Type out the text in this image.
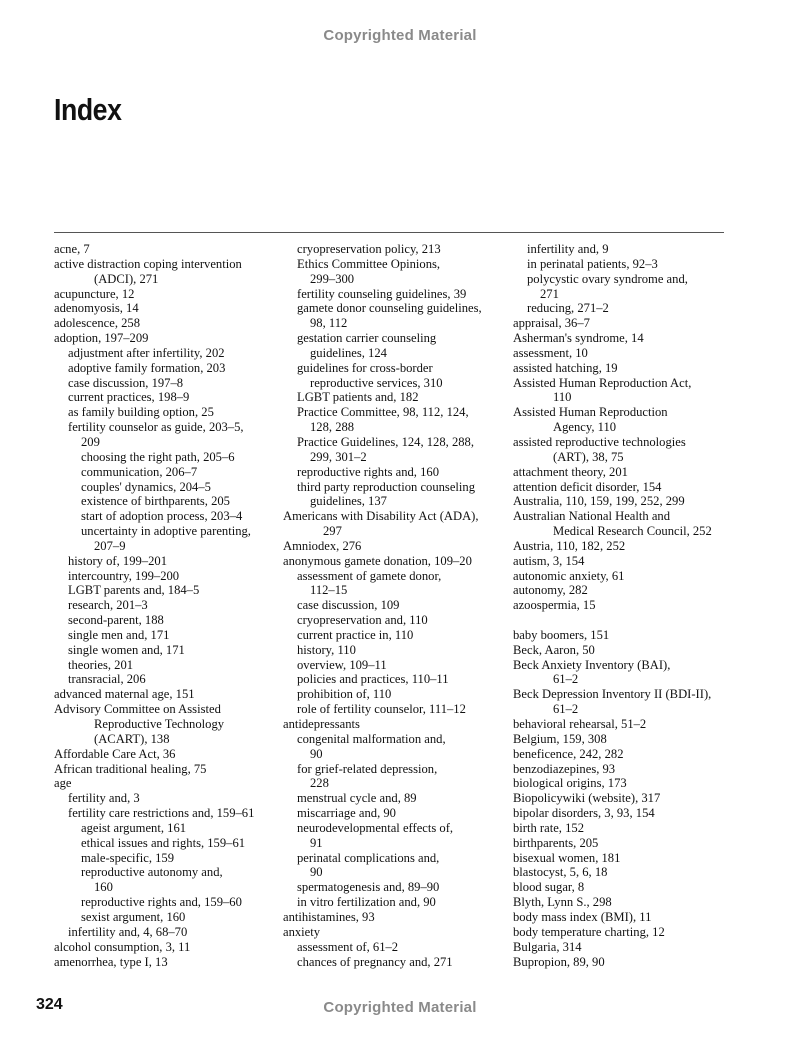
Copyrighted Material
Index
acne, 7
active distraction coping intervention
(ADCI), 271
acupuncture, 12
adenomyosis, 14
adolescence, 258
adoption, 197–209
adjustment after infertility, 202
adoptive family formation, 203
case discussion, 197–8
current practices, 198–9
as family building option, 25
fertility counselor as guide, 203–5,
209
choosing the right path, 205–6
communication, 206–7
couples' dynamics, 204–5
existence of birthparents, 205
start of adoption process, 203–4
uncertainty in adoptive parenting,
207–9
history of, 199–201
intercountry, 199–200
LGBT parents and, 184–5
research, 201–3
second-parent, 188
single men and, 171
single women and, 171
theories, 201
transracial, 206
advanced maternal age, 151
Advisory Committee on Assisted
Reproductive Technology
(ACART), 138
Affordable Care Act, 36
African traditional healing, 75
age
fertility and, 3
fertility care restrictions and, 159–61
ageist argument, 161
ethical issues and rights, 159–61
male-specific, 159
reproductive autonomy and,
160
reproductive rights and, 159–60
sexist argument, 160
infertility and, 4, 68–70
alcohol consumption, 3, 11
amenorrhea, type I, 13
cryopreservation policy, 213
Ethics Committee Opinions,
299–300
fertility counseling guidelines, 39
gamete donor counseling guidelines,
98, 112
gestation carrier counseling
guidelines, 124
guidelines for cross-border
reproductive services, 310
LGBT patients and, 182
Practice Committee, 98, 112, 124,
128, 288
Practice Guidelines, 124, 128, 288,
299, 301–2
reproductive rights and, 160
third party reproduction counseling
guidelines, 137
Americans with Disability Act (ADA),
297
Amniodex, 276
anonymous gamete donation, 109–20
assessment of gamete donor,
112–15
case discussion, 109
cryopreservation and, 110
current practice in, 110
history, 110
overview, 109–11
policies and practices, 110–11
prohibition of, 110
role of fertility counselor, 111–12
antidepressants
congenital malformation and,
90
for grief-related depression,
228
menstrual cycle and, 89
miscarriage and, 90
neurodevelopmental effects of,
91
perinatal complications and,
90
spermatogenesis and, 89–90
in vitro fertilization and, 90
antihistamines, 93
anxiety
assessment of, 61–2
chances of pregnancy and, 271
infertility and, 9
in perinatal patients, 92–3
polycystic ovary syndrome and,
271
reducing, 271–2
appraisal, 36–7
Asherman's syndrome, 14
assessment, 10
assisted hatching, 19
Assisted Human Reproduction Act,
110
Assisted Human Reproduction
Agency, 110
assisted reproductive technologies
(ART), 38, 75
attachment theory, 201
attention deficit disorder, 154
Australia, 110, 159, 199, 252, 299
Australian National Health and
Medical Research Council, 252
Austria, 110, 182, 252
autism, 3, 154
autonomic anxiety, 61
autonomy, 282
azoospermia, 15
baby boomers, 151
Beck, Aaron, 50
Beck Anxiety Inventory (BAI),
61–2
Beck Depression Inventory II (BDI-II),
61–2
behavioral rehearsal, 51–2
Belgium, 159, 308
beneficence, 242, 282
benzodiazepines, 93
biological origins, 173
Biopolicywiki (website), 317
bipolar disorders, 3, 93, 154
birth rate, 152
birthparents, 205
bisexual women, 181
blastocyst, 5, 6, 18
blood sugar, 8
Blyth, Lynn S., 298
body mass index (BMI), 11
body temperature charting, 12
Bulgaria, 314
Bupropion, 89, 90
324	Copyrighted Material
